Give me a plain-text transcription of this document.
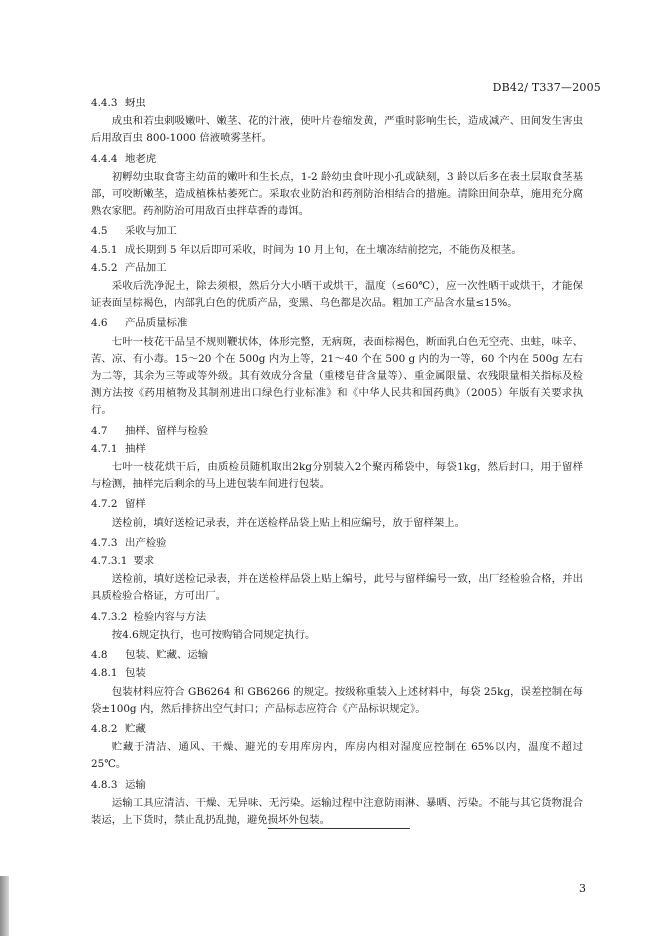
DB42/ T337—2005
4.4.3 蚜虫

成虫和若虫刺吸嫩叶、嫩茎、花的汁液，使叶片卷缩发黄，严重时影响生长，造成减产、田间发生害虫后用敌百虫 800-1000 倍液喷雾茎杆。

4.4.4 地老虎

初孵幼虫取食寄主幼苗的嫩叶和生长点，1-2 龄幼虫食叶现小孔或缺刻，3 龄以后多在表土层取食茎基部，可咬断嫩茎，造成植株枯萎死亡。采取农业防治和药剂防治相结合的措施。清除田间杂草，施用充分腐熟农家肥。药剂防治可用敌百虫拌草香的毒饵。

4.5 采收与加工
4.5.1 成长期到 5 年以后即可采收，时间为 10 月上旬，在土壤冻结前挖完，不能伤及根茎。
4.5.2 产品加工

采收后洗净泥土，除去须根，然后分大小晒干或烘干，温度（≤60℃），应一次性晒干或烘干，才能保证表面呈棕褐色，内部乳白色的优质产品，变黑、乌色都是次品。粗加工产品含水量≤15%。

4.6 产品质量标准

七叶一枝花干品呈不规则鞭状体，体形完整，无病斑，表面棕褐色，断面乳白色无空壳、虫蛀，味辛、苦、凉、有小毒。15～20 个在 500g 内为上等，21～40 个在 500 g 内的为一等，60 个内在 500g 左右为二等，其余为三等或等外级。其有效成分含量（重楼皂苷含量等）、重金属限量、农残限量相关指标及检测方法按《药用植物及其制剂进出口绿色行业标准》和《中华人民共和国药典》（2005）年版有关要求执行。

4.7 抽样、留样与检验
4.7.1 抽样

七叶一枝花烘干后，由质检员随机取出2kg分别装入2个聚丙稀袋中，每袋1kg，然后封口，用于留样与检测，抽样完后剩余的马上进包装车间进行包装。

4.7.2 留样

送检前，填好送检记录表，并在送检样品袋上贴上相应编号，放于留样架上。

4.7.3 出产检验
4.7.3.1 要求

送检前，填好送检记录表，并在送检样品袋上贴上编号，此号与留样编号一致，出厂经检验合格，并出具质检验合格证，方可出厂。

4.7.3.2 检验内容与方法

按4.6规定执行，也可按购销合同规定执行。

4.8 包装、贮藏、运输
4.8.1 包装

包装材料应符合 GB6264 和 GB6266 的规定。按级称重装入上述材料中，每袋 25kg，误差控制在每袋±100g 内，然后排挤出空气封口；产品标志应符合《产品标识规定》。

4.8.2 贮藏

贮藏于清洁、通风、干燥、避光的专用库房内，库房内相对湿度应控制在 65%以内，温度不超过 25℃。

4.8.3 运输

运输工具应清洁、干燥、无异味、无污染。运输过程中注意防雨淋、暴晒、污染。不能与其它货物混合装运，上下货时，禁止乱扔乱抛，避免损坏外包装。

3
